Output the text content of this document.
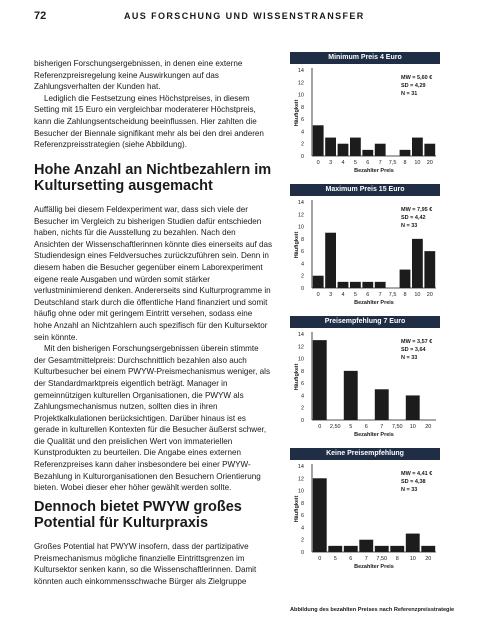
72	AUS FORSCHUNG UND WISSENSTRANSFER

bisherigen Forschungsergebnissen, in denen eine externe Referenzpreisregelung keine Auswirkungen auf das Zahlungsverhalten der Kunden hat.

Lediglich die Festsetzung eines Höchstpreises, in diesem Setting mit 15 Euro ein vergleichbar moderaterer Höchstpreis, kann die Zahlungsentscheidung beeinflussen. Hier zahlten die Besucher der Biennale signifikant mehr als bei den drei anderen Referenzpreisstrategien (siehe Abbildung).

Hohe Anzahl an Nichtbezahlern im Kultursetting ausgemacht

Auffällig bei diesem Feldexperiment war, dass sich viele der Besucher im Vergleich zu bisherigen Studien dafür entschieden haben, nichts für die Ausstellung zu bezahlen. Nach den Ansichten der Wissenschaftlerinnen könnte dies einerseits auf das Studiendesign eines Feldversuches zurückzuführen sein. Denn in diesem haben die Besucher gegenüber einem Laborexperiment eigene reale Ausgaben und würden somit stärker verlustminimierend denken. Andererseits sind Kulturprogramme in Deutschland stark durch die öffentliche Hand finanziert und somit häufig ohne oder mit geringem Eintritt versehen, sodass eine hohe Anzahl an Nichtzahlern auch spezifisch für den Kultursektor sein könnte.

Mit den bisherigen Forschungsergebnissen überein stimmte der Gesamtmittelpreis: Durchschnittlich bezahlen also auch Kulturbesucher bei einem PWYW-Preismechanismus weniger, als der Standardmarktpreis eigentlich beträgt. Manager in gemeinnützigen kulturellen Organisationen, die PWYW als Zahlungsmechanismus nutzen, sollten dies in ihren Projektkalkulationen berücksichtigen. Darüber hinaus ist es gerade in kulturellen Kontexten für die Besucher äußerst schwer, die Qualität und den preislichen Wert von immateriellen Kunstprodukten zu beurteilen. Die Angabe eines externen Referenzpreises kann daher insbesondere bei einer PWYW-Bezahlung in Kulturorganisationen den Besuchern Orientierung bieten. Wobei dieser eher höher gewählt werden sollte.

Dennoch bietet PWYW großes Potential für Kulturpraxis

Großes Potential hat PWYW insofern, dass der partizipative Preismechanismus mögliche finanzielle Eintrittsgrenzen im Kultursektor senken kann, so die Wissenschaftlerinnen. Damit könnten auch einkommensschwache Bürger als Zielgruppe

Minimum Preis 4 Euro
0
2
4
6
8
10
12
14
Häufigkeit
0 3 4 5 6 7 7,5 8 10 20
Bezahlter Preis
MW = 5,60 €
SD = 4,29
N = 31
Maximum Preis 15 Euro
0
2
4
6
8
10
12
14
Häufigkeit
0 3 4 5 6 7 7,5 8 10 20
Bezahlter Preis
MW = 7,95 €
SD = 4,42
N = 33
Preisempfehlung 7 Euro
0
2
4
6
8
10
12
14
Häufigkeit
0 2,50 5 6 7 7,50 10 20
Bezahlter Preis
MW = 3,57 €
SD = 3,64
N = 33
Keine Preisempfehlung
0
2
4
6
8
10
12
14
Häufigkeit
0 5 6 7 7,50 8 10 20
Bezahlter Preis
MW = 4,41 €
SD = 4,38
N = 33
Abbildung des bezahlten Preises nach Referenzpreisstrategie
